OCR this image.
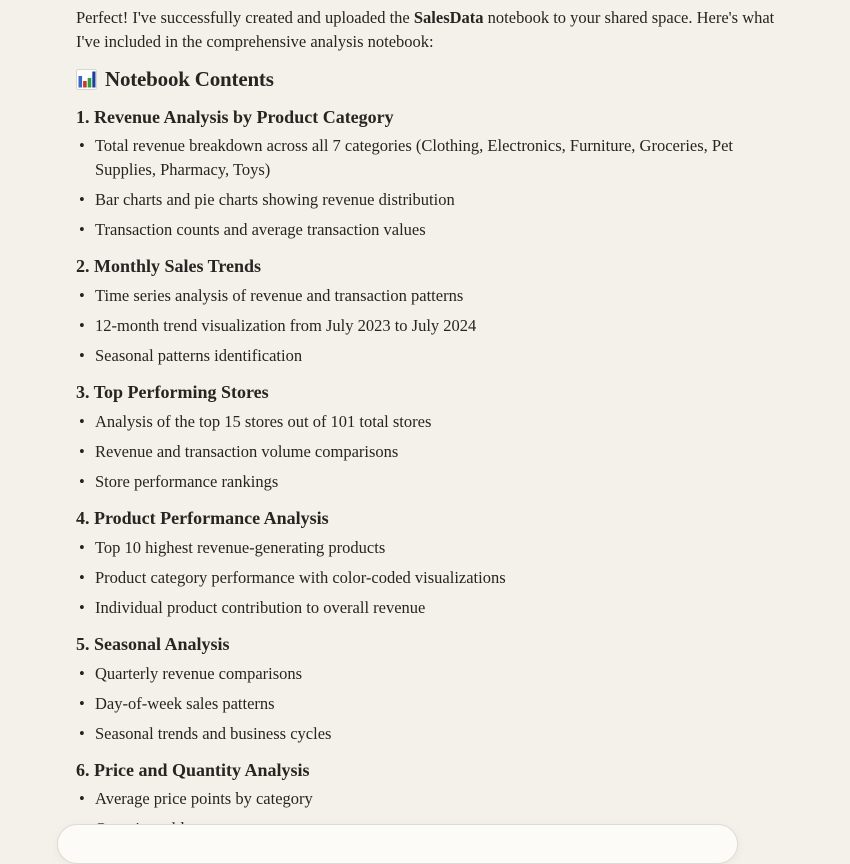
Perfect! I've successfully created and uploaded the SalesData notebook to your shared space. Here's what I've included in the comprehensive analysis notebook:

Notebook Contents
1. Revenue Analysis by Product Category
• Total revenue breakdown across all 7 categories (Clothing, Electronics, Furniture, Groceries, Pet Supplies, Pharmacy, Toys)
• Bar charts and pie charts showing revenue distribution
• Transaction counts and average transaction values
2. Monthly Sales Trends
• Time series analysis of revenue and transaction patterns
• 12-month trend visualization from July 2023 to July 2024
• Seasonal patterns identification
3. Top Performing Stores
• Analysis of the top 15 stores out of 101 total stores
• Revenue and transaction volume comparisons
• Store performance rankings
4. Product Performance Analysis
• Top 10 highest revenue-generating products
• Product category performance with color-coded visualizations
• Individual product contribution to overall revenue
5. Seasonal Analysis
• Quarterly revenue comparisons
• Day-of-week sales patterns
• Seasonal trends and business cycles
6. Price and Quantity Analysis
• Average price points by category
•
